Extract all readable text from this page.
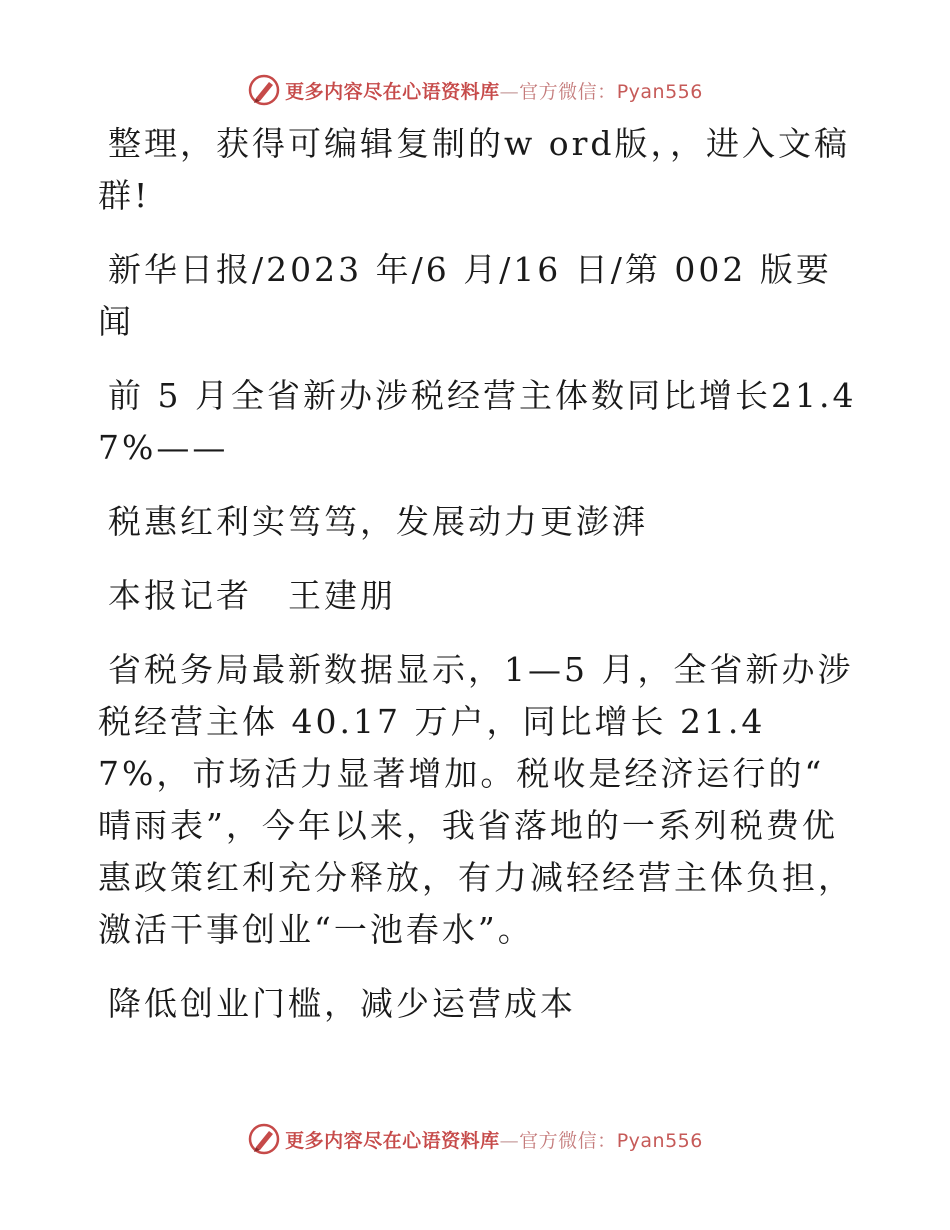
更多内容尽在心语资料库—官方微信：Pyan556

整理，获得可编辑复制的w ord版，，进入文稿群!

新华日报/2023 年/6 月/16 日/第 002 版要闻

前 5 月全省新办涉税经营主体数同比增长21.47%——

税惠红利实笃笃，发展动力更澎湃

本报记者　王建朋

省税务局最新数据显示，1—5 月，全省新办涉税经营主体 40.17 万户，同比增长 21.47%，市场活力显著增加。税收是经济运行的“ 晴雨表”，今年以来，我省落地的一系列税费优惠政策红利充分释放，有力减轻经营主体负担，激活干事创业“一池春水”。

降低创业门槛，减少运营成本

更多内容尽在心语资料库—官方微信：Pyan556
